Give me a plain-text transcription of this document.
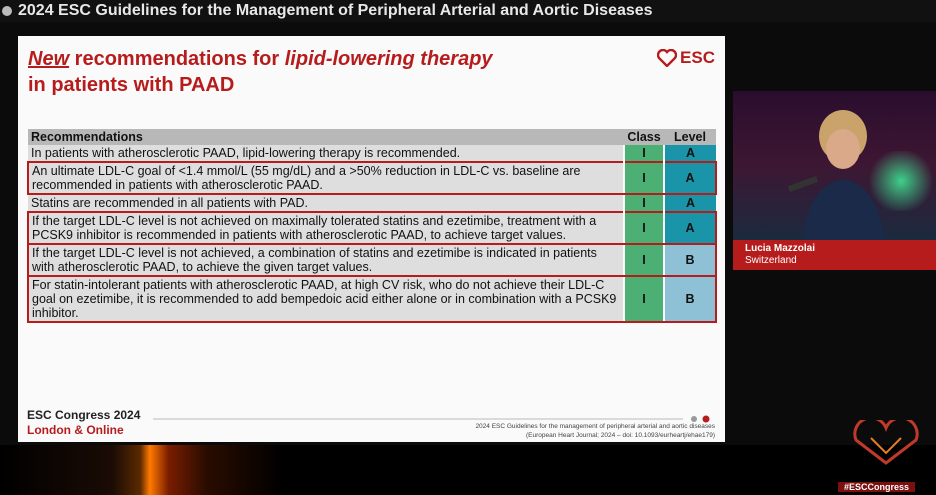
2024 ESC Guidelines for the Management of Peripheral Arterial and Aortic Diseases
New recommendations for lipid-lowering therapy
in patients with PAAD
ESC
Recommendations	Class	Level
In patients with atherosclerotic PAAD, lipid-lowering therapy is recommended.	I	A
An ultimate LDL-C goal of <1.4 mmol/L (55 mg/dL) and a >50% reduction in LDL-C vs. baseline are recommended in patients with atherosclerotic PAAD.	I	A
Statins are recommended in all patients with PAD.	I	A
If the target LDL-C level is not achieved on maximally tolerated statins and ezetimibe, treatment with a PCSK9 inhibitor is recommended in patients with atherosclerotic PAAD, to achieve target values.	I	A
If the target LDL-C level is not achieved, a combination of statins and ezetimibe is indicated in patients with atherosclerotic PAAD, to achieve the given target values.	I	B
For statin-intolerant patients with atherosclerotic PAAD, at high CV risk, who do not achieve their LDL-C goal on ezetimibe, it is recommended to add bempedoic acid either alone or in combination with a PCSK9 inhibitor.	I	B
ESC Congress 2024
London & Online	2024 ESC Guidelines for the management of peripheral arterial and aortic diseases
(European Heart Journal; 2024 – doi: 10.1093/eurheartj/ehae179)
Lucia Mazzolai
Switzerland
#ESCCongress
